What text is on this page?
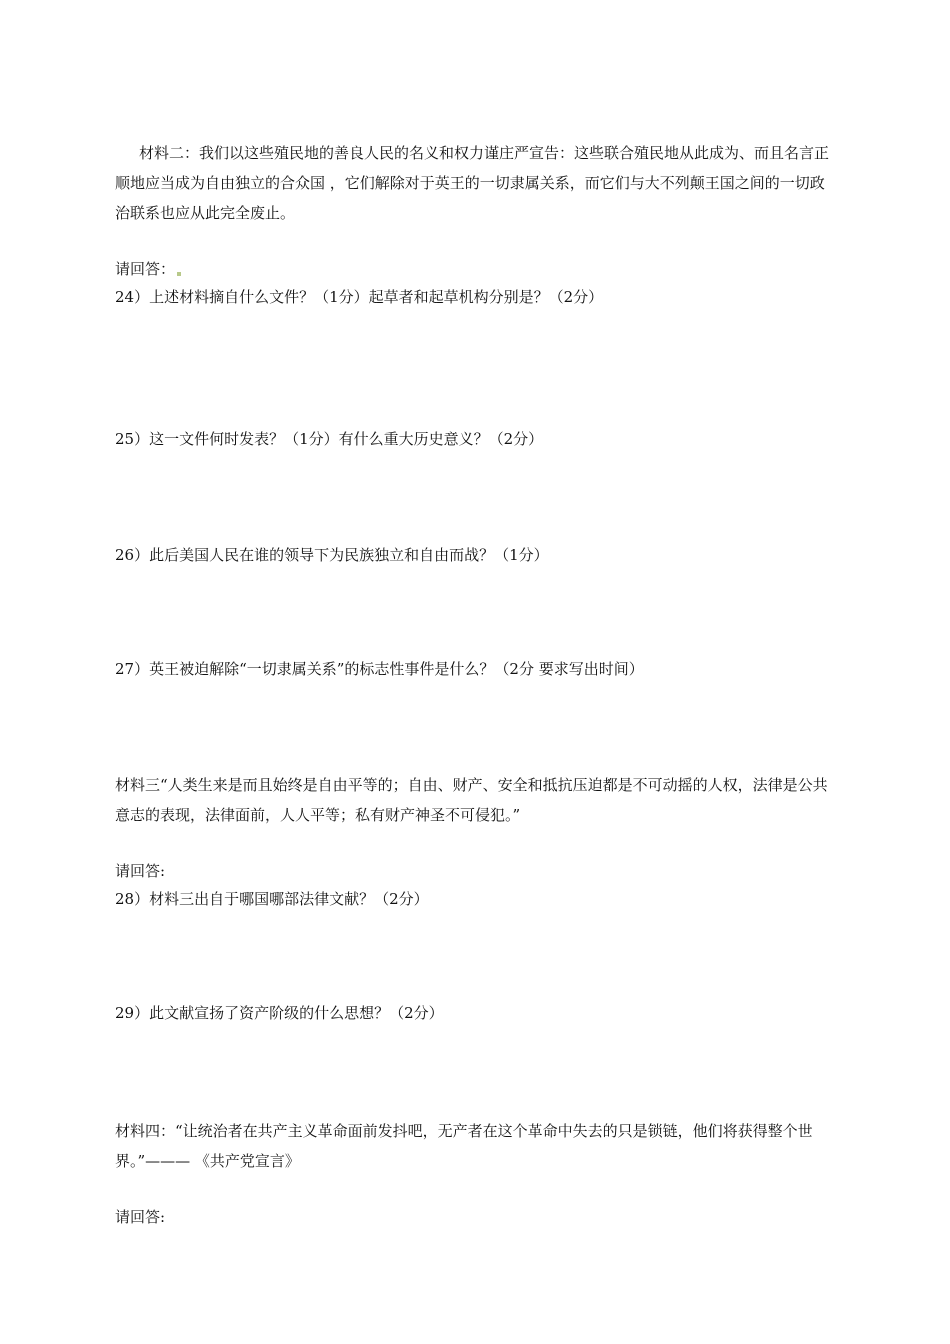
材料二：我们以这些殖民地的善良人民的名义和权力谨庄严宣告：这些联合殖民地从此成为、而且名言正顺地应当成为自由独立的合众国 ，它们解除对于英王的一切隶属关系，而它们与大不列颠王国之间的一切政治联系也应从此完全废止。

请回答：

24）上述材料摘自什么文件？（1分）起草者和起草机构分别是？（2分）

25）这一文件何时发表？（1分）有什么重大历史意义？（2分）

26）此后美国人民在谁的领导下为民族独立和自由而战？（1分）

27）英王被迫解除“一切隶属关系”的标志性事件是什么？（2分 要求写出时间）

材料三“人类生来是而且始终是自由平等的；自由、财产、安全和抵抗压迫都是不可动摇的人权，法律是公共意志的表现，法律面前，人人平等；私有财产神圣不可侵犯。”

请回答:

28）材料三出自于哪国哪部法律文献？（2分）

29）此文献宣扬了资产阶级的什么思想？（2分）

材料四：“让统治者在共产主义革命面前发抖吧，无产者在这个革命中失去的只是锁链，他们将获得整个世界。”——— 《共产党宣言》

请回答:
